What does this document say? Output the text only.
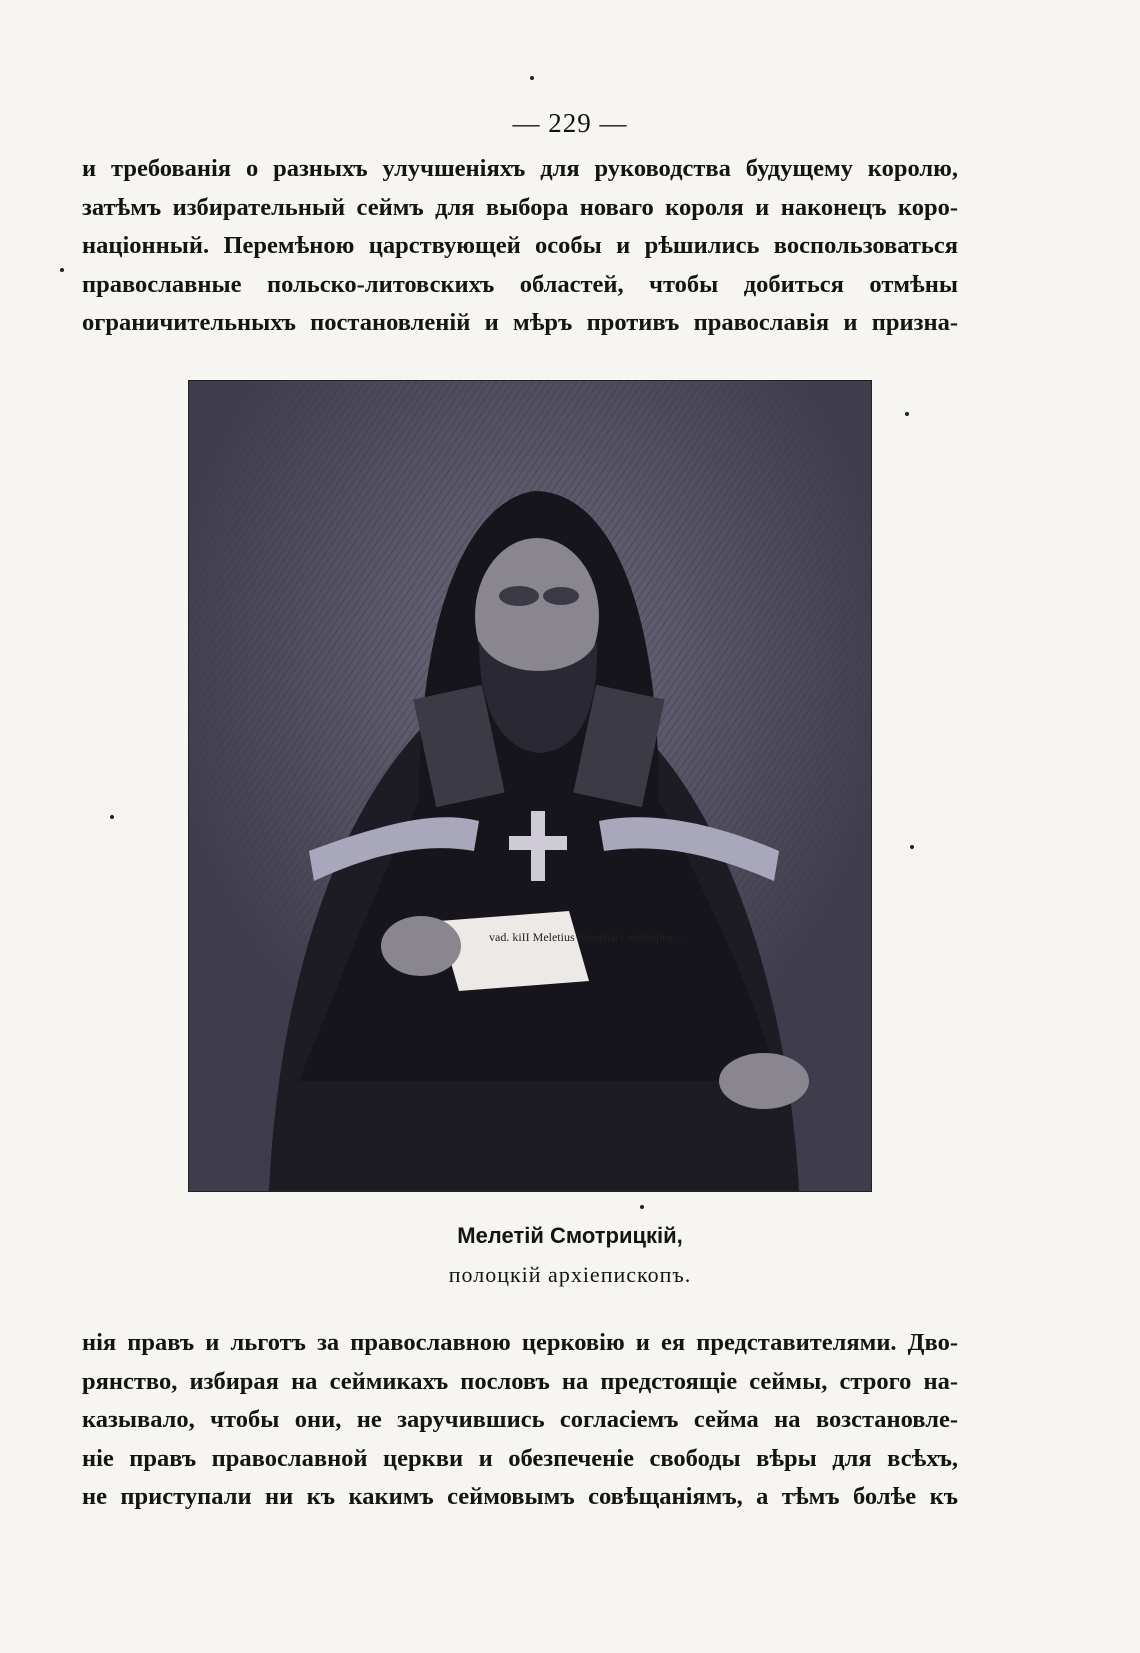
— 229 —
и требованія о разныхъ улучшеніяхъ для руководства будущему королю,
затѣмъ избирательный сеймъ для выбора новаго короля и наконецъ коро-
націонный. Перемѣною царствующей особы и рѣшились воспользоваться
православные польско-литовскихъ областей, чтобы добиться отмѣны
ограничительныхъ постановленій и мѣръ противъ православія и призна-
vad. kiII Meletius Smotrisci archiepisc...
Мелетій Смотрицкій,
полоцкій архіепископъ.
нія правъ и льготъ за православною церковію и ея представителями. Дво-
рянство, избирая на сеймикахъ пословъ на предстоящіе сеймы, строго на-
казывало, чтобы они, не заручившись согласіемъ сейма на возстановле-
ніе правъ православной церкви и обезпеченіе свободы вѣры для всѣхъ,
не приступали ни къ какимъ сеймовымъ совѣщаніямъ, а тѣмъ болѣе къ
